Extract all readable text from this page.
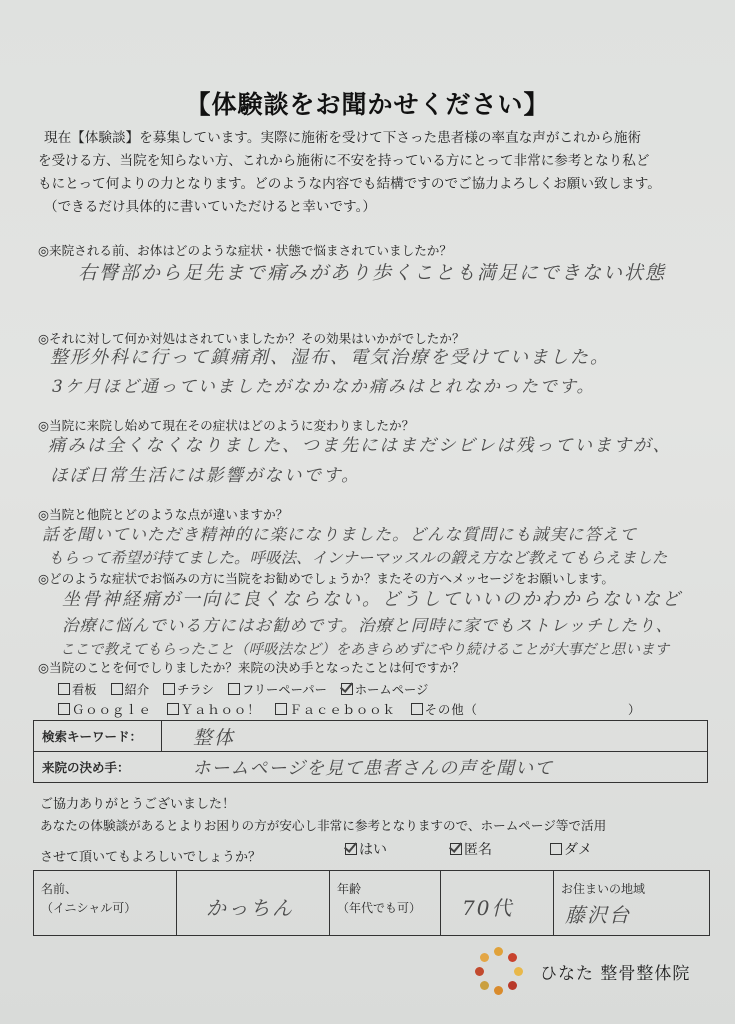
【体験談をお聞かせください】
現在【体験談】を募集しています。実際に施術を受けて下さった患者様の率直な声がこれから施術
を受ける方、当院を知らない方、これから施術に不安を持っている方にとって非常に参考となり私ど
もにとって何よりの力となります。どのような内容でも結構ですのでご協力よろしくお願い致します。
（できるだけ具体的に書いていただけると幸いです。）
◎来院される前、お体はどのような症状・状態で悩まされていましたか？
右臀部から足先まで痛みがあり歩くことも満足にできない状態
◎それに対して何か対処はされていましたか？その効果はいかがでしたか？
整形外科に行って鎮痛剤、湿布、電気治療を受けていました。
3ケ月ほど通っていましたがなかなか痛みはとれなかったです。
◎当院に来院し始めて現在その症状はどのように変わりましたか？
痛みは全くなくなりました、つま先にはまだシビレは残っていますが、
ほぼ日常生活には影響がないです。
◎当院と他院とどのような点が違いますか？
話を聞いていただき精神的に楽になりました。どんな質問にも誠実に答えて
もらって希望が持てました。呼吸法、インナーマッスルの鍛え方など教えてもらえました
◎どのような症状でお悩みの方に当院をお勧めでしょうか？またその方へメッセージをお願いします。
坐骨神経痛が一向に良くならない。どうしていいのかわからないなど
治療に悩んでいる方にはお勧めです。治療と同時に家でもストレッチしたり、
ここで教えてもらったこと（呼吸法など）をあきらめずにやり続けることが大事だと思います
◎当院のことを何でしりましたか？来院の決め手となったことは何ですか？
看板 紹介 チラシ フリーペーパー ホームページ
Ｇｏｏｇｌｅ Ｙａｈｏｏ！ Ｆａｃｅｂｏｏｋ その他（	）
検索キーワード：	整体
来院の決め手：	ホームページを見て患者さんの声を聞いて
ご協力ありがとうございました！
あなたの体験談があるとよりお困りの方が安心し非常に参考となりますので、ホームページ等で活用
させて頂いてもよろしいでしょうか？	はい	匿名	ダメ
名前、
（イニシャル可）	かっちん

年齢
（年代でも可）	70代

お住まいの地域
藤沢台
ひなた 整骨整体院
